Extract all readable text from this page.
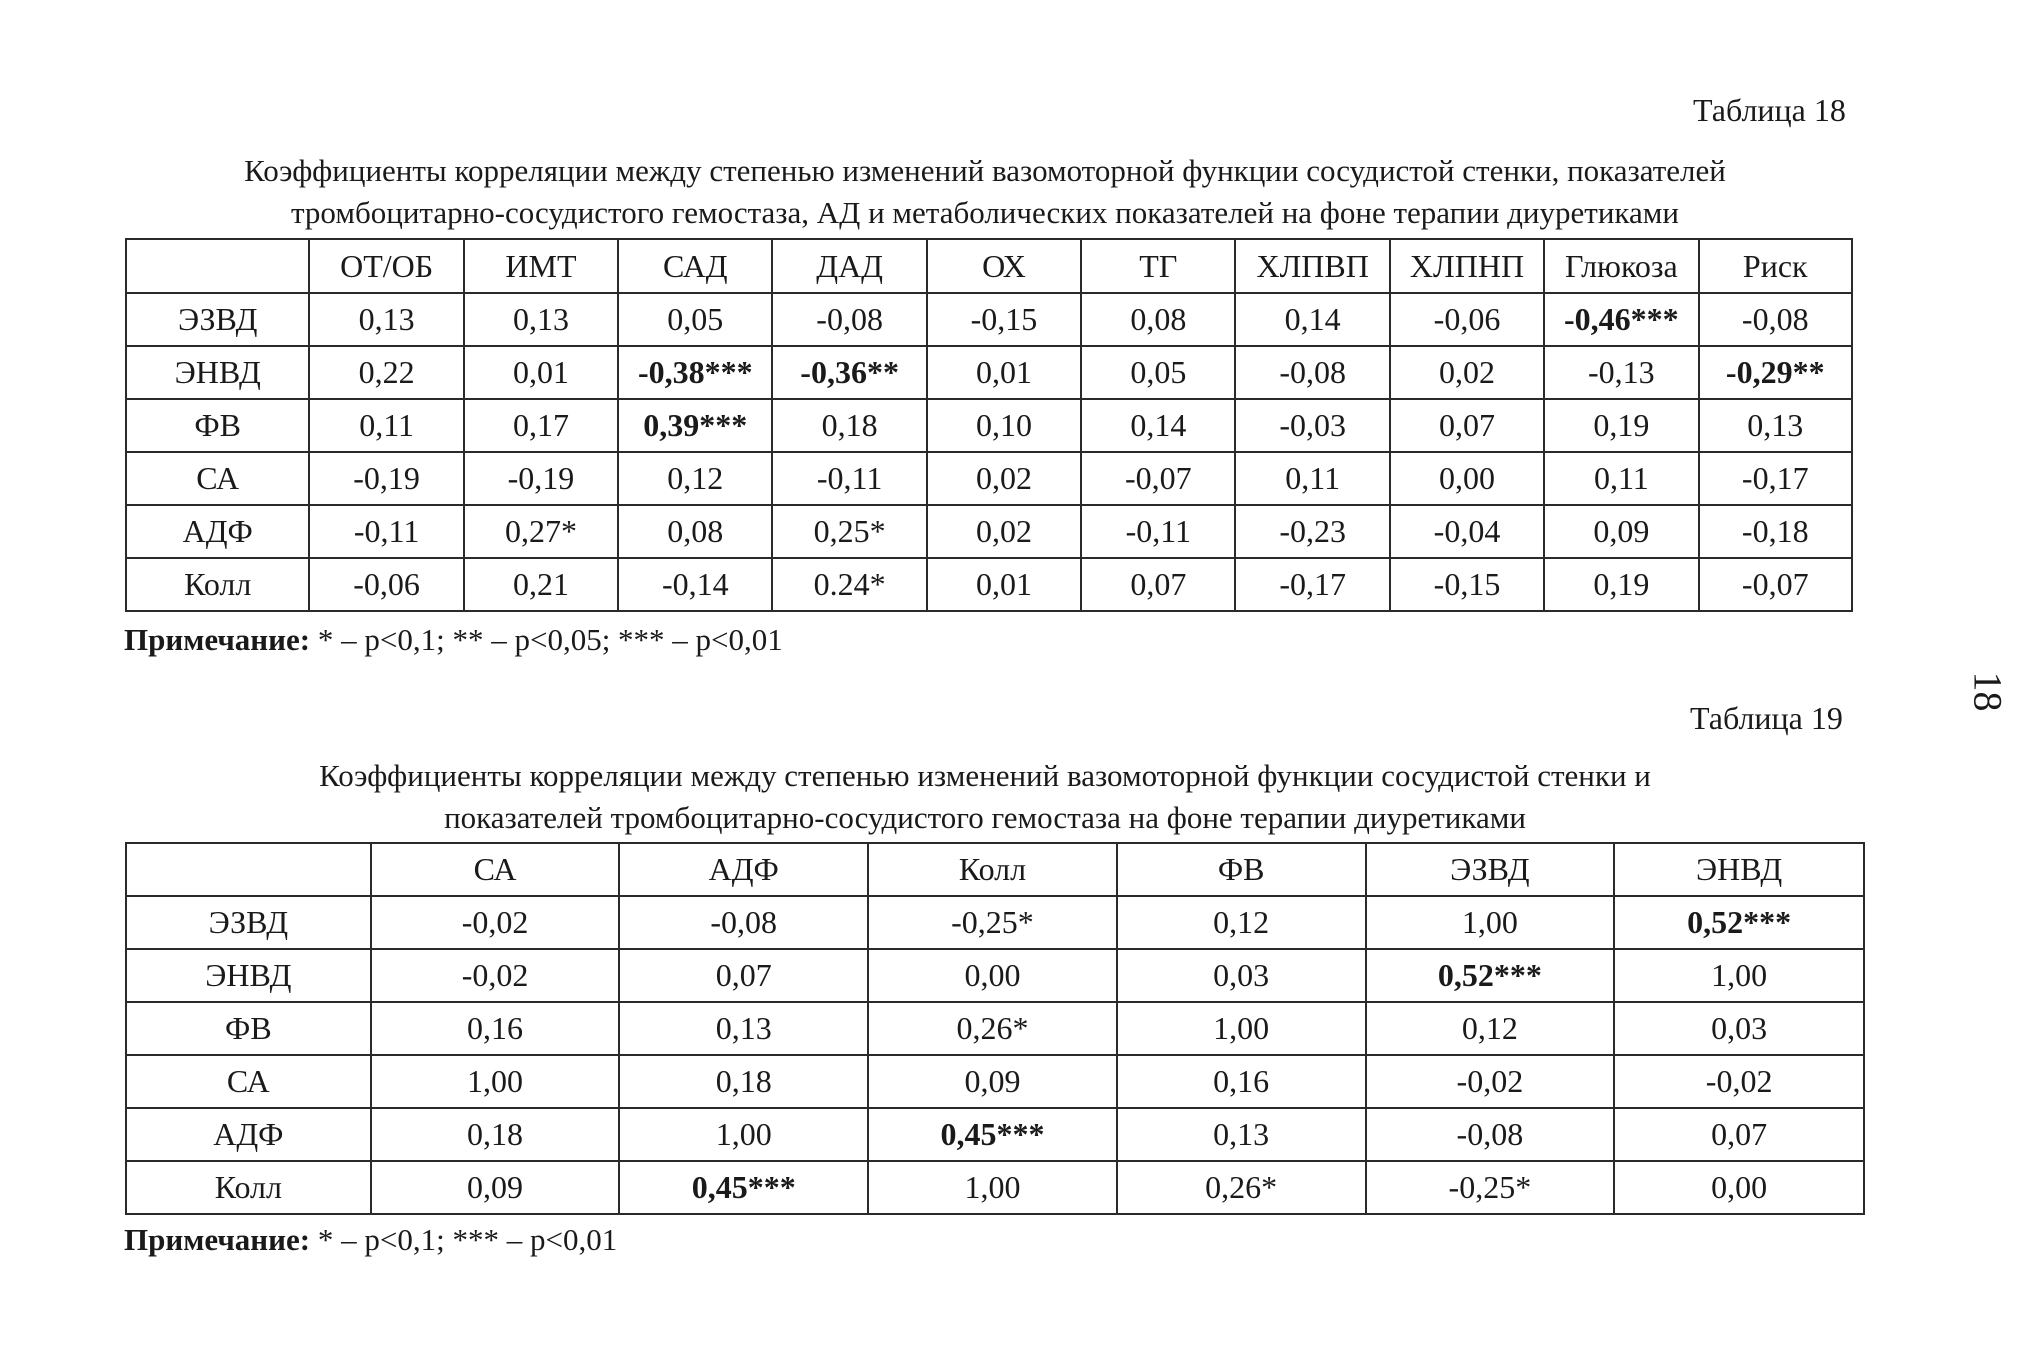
Таблица 18
Коэффициенты корреляции между степенью изменений вазомоторной функции сосудистой стенки, показателей
тромбоцитарно-сосудистого гемостаза, АД и метаболических показателей на фоне терапии диуретиками
	ОТ/ОБ	ИМТ	САД	ДАД	ОХ	ТГ	ХЛПВП	ХЛПНП	Глюкоза	Риск
ЭЗВД	0,13	0,13	0,05	-0,08	-0,15	0,08	0,14	-0,06	-0,46***	-0,08
ЭНВД	0,22	0,01	-0,38***	-0,36**	0,01	0,05	-0,08	0,02	-0,13	-0,29**
ФВ	0,11	0,17	0,39***	0,18	0,10	0,14	-0,03	0,07	0,19	0,13
СА	-0,19	-0,19	0,12	-0,11	0,02	-0,07	0,11	0,00	0,11	-0,17
АДФ	-0,11	0,27*	0,08	0,25*	0,02	-0,11	-0,23	-0,04	0,09	-0,18
Колл	-0,06	0,21	-0,14	0.24*	0,01	0,07	-0,17	-0,15	0,19	-0,07
Примечание: * – p<0,1; ** – p<0,05; *** – p<0,01
18
Таблица 19
Коэффициенты корреляции между степенью изменений вазомоторной функции сосудистой стенки и
показателей тромбоцитарно-сосудистого гемостаза на фоне терапии диуретиками
	СА	АДФ	Колл	ФВ	ЭЗВД	ЭНВД
ЭЗВД	-0,02	-0,08	-0,25*	0,12	1,00	0,52***
ЭНВД	-0,02	0,07	0,00	0,03	0,52***	1,00
ФВ	0,16	0,13	0,26*	1,00	0,12	0,03
СА	1,00	0,18	0,09	0,16	-0,02	-0,02
АДФ	0,18	1,00	0,45***	0,13	-0,08	0,07
Колл	0,09	0,45***	1,00	0,26*	-0,25*	0,00
Примечание: * – p<0,1; *** – p<0,01
